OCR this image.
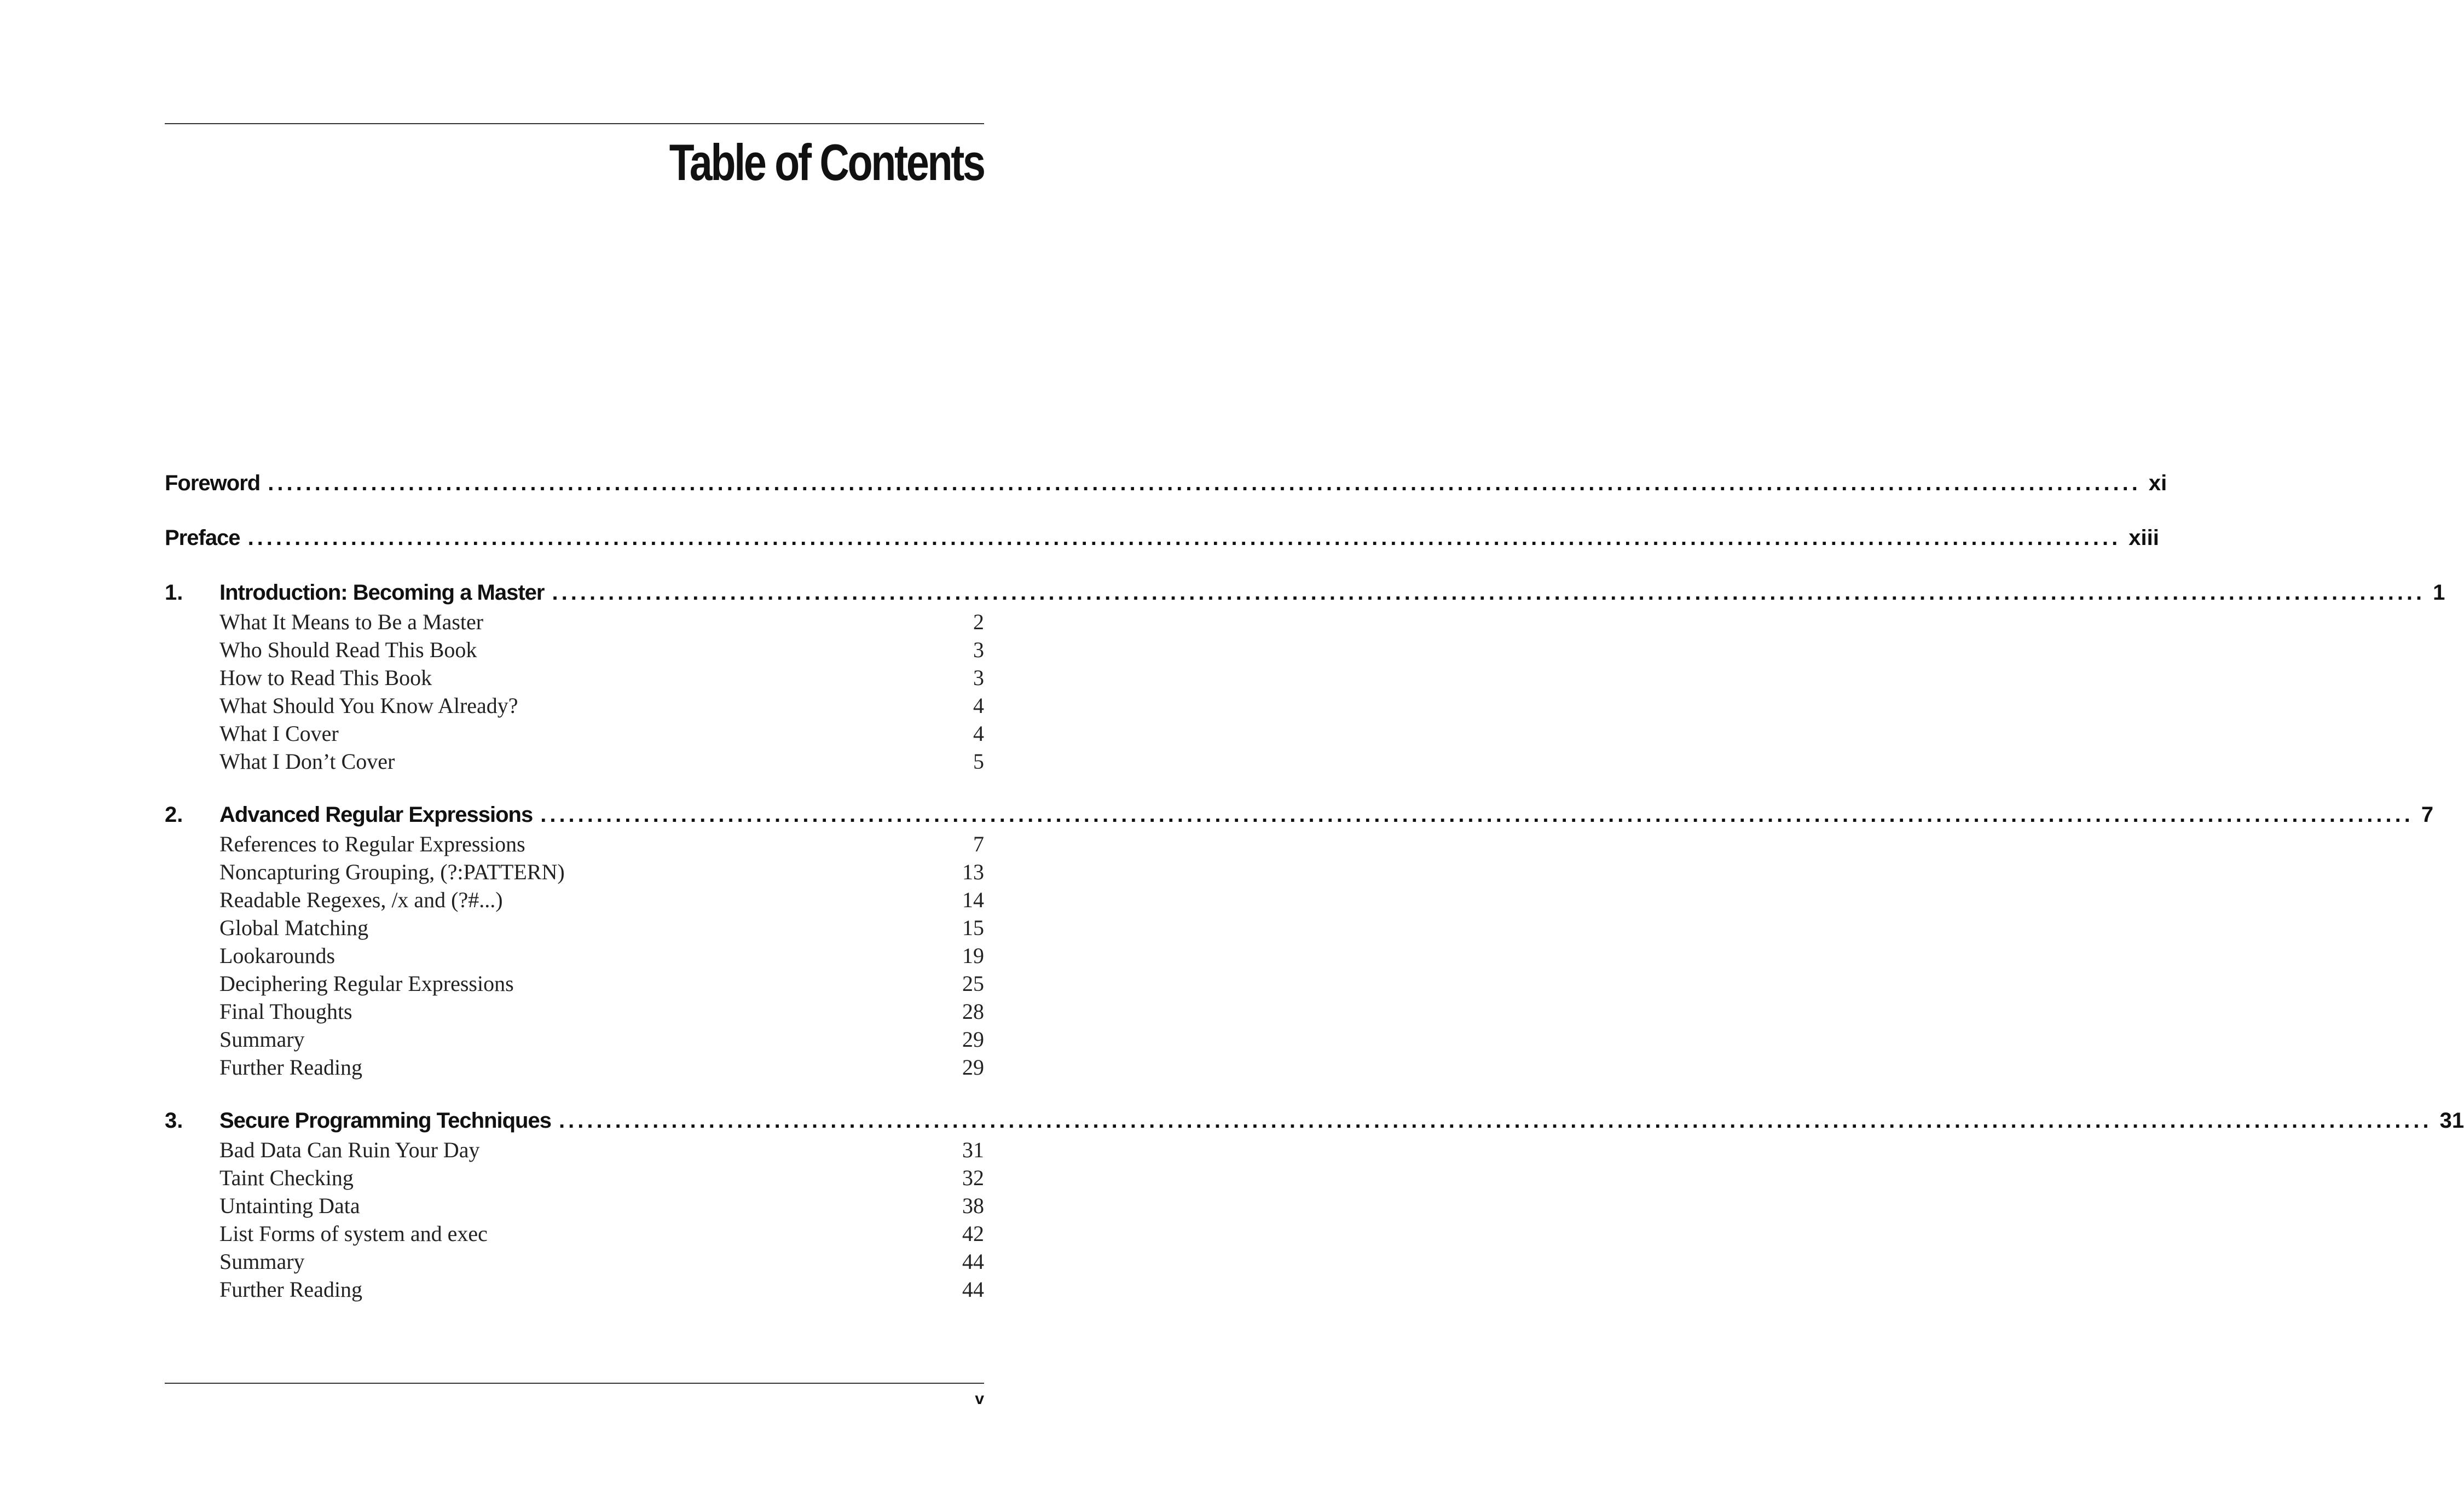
Table of Contents
Foreword ........................................................................................................................................................................................................ xi
Preface ........................................................................................................................................................................................................ xiii
1.	Introduction: Becoming a Master ........................................................................................................................................................................................................ 1
What It Means to Be a Master	2
Who Should Read This Book	3
How to Read This Book	3
What Should You Know Already?	4
What I Cover	4
What I Don’t Cover	5
2.	Advanced Regular Expressions ........................................................................................................................................................................................................ 7
References to Regular Expressions	7
Noncapturing Grouping, (?:PATTERN)	13
Readable Regexes, /x and (?#...)	14
Global Matching	15
Lookarounds	19
Deciphering Regular Expressions	25
Final Thoughts	28
Summary	29
Further Reading	29
3.	Secure Programming Techniques ........................................................................................................................................................................................................ 31
Bad Data Can Ruin Your Day	31
Taint Checking	32
Untainting Data	38
List Forms of system and exec	42
Summary	44
Further Reading	44
v
